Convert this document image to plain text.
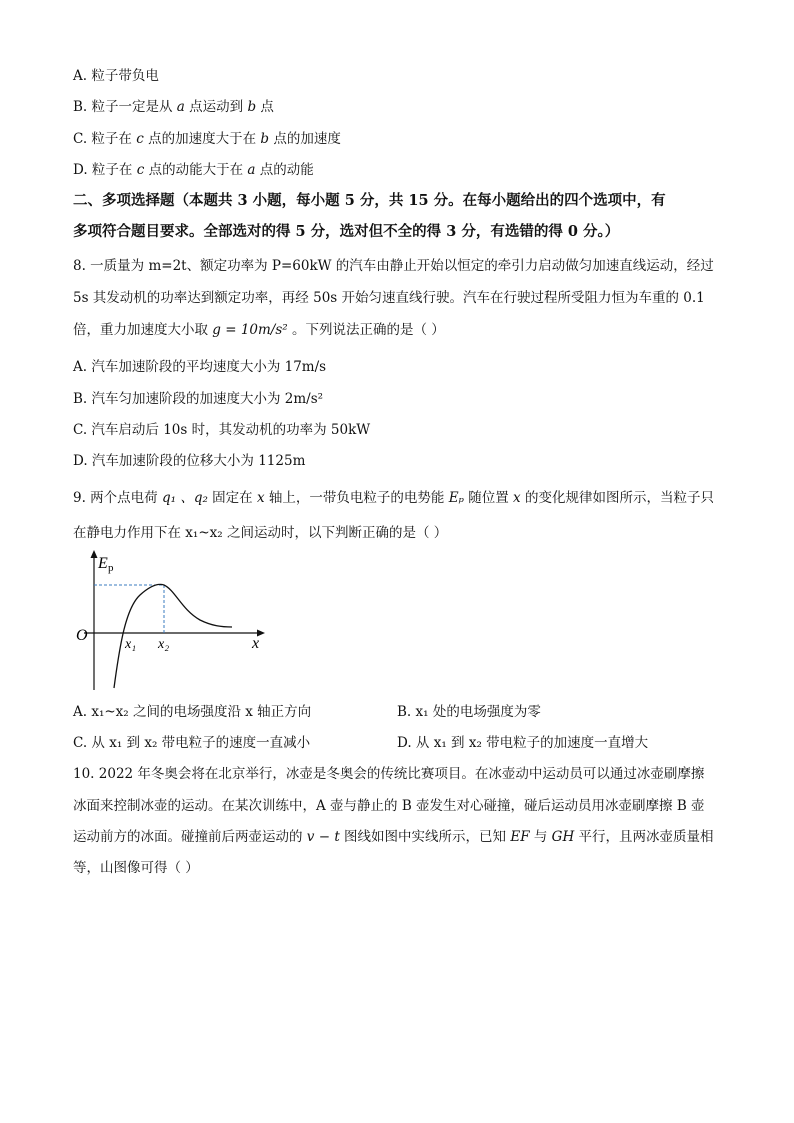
A. 粒子带负电
B. 粒子一定是从 a 点运动到 b 点
C. 粒子在 c 点的加速度大于在 b 点的加速度
D. 粒子在 c 点的动能大于在 a 点的动能
二、多项选择题（本题共 3 小题，每小题 5 分，共 15 分。在每小题给出的四个选项中，有
多项符合题目要求。全部选对的得 5 分，选对但不全的得 3 分，有选错的得 0 分。）
8. 一质量为 m=2t、额定功率为 P=60kW 的汽车由静止开始以恒定的牵引力启动做匀加速直线运动，经过
5s 其发动机的功率达到额定功率，再经 50s 开始匀速直线行驶。汽车在行驶过程所受阻力恒为车重的 0.1
倍，重力加速度大小取 g = 10m/s² 。下列说法正确的是（ ）
A. 汽车加速阶段的平均速度大小为 17m/s
B. 汽车匀加速阶段的加速度大小为 2m/s²
C. 汽车启动后 10s 时，其发动机的功率为 50kW
D. 汽车加速阶段的位移大小为 1125m
9. 两个点电荷 q₁ 、q₂ 固定在 x 轴上，一带负电粒子的电势能 Eₚ 随位置 x 的变化规律如图所示，当粒子只
在静电力作用下在 x₁~x₂ 之间运动时，以下判断正确的是（ ）
E p
O
x₁ x₂	x
A. x₁~x₂ 之间的电场强度沿 x 轴正方向	B. x₁ 处的电场强度为零
C. 从 x₁ 到 x₂ 带电粒子的速度一直减小	D. 从 x₁ 到 x₂ 带电粒子的加速度一直增大
10. 2022 年冬奥会将在北京举行，冰壶是冬奥会的传统比赛项目。在冰壶动中运动员可以通过冰壶刷摩擦
冰面来控制冰壶的运动。在某次训练中，A 壶与静止的 B 壶发生对心碰撞，碰后运动员用冰壶刷摩擦 B 壶
运动前方的冰面。碰撞前后两壶运动的 v − t 图线如图中实线所示，已知 EF 与 GH 平行，且两冰壶质量相
等，山图像可得（ ）
